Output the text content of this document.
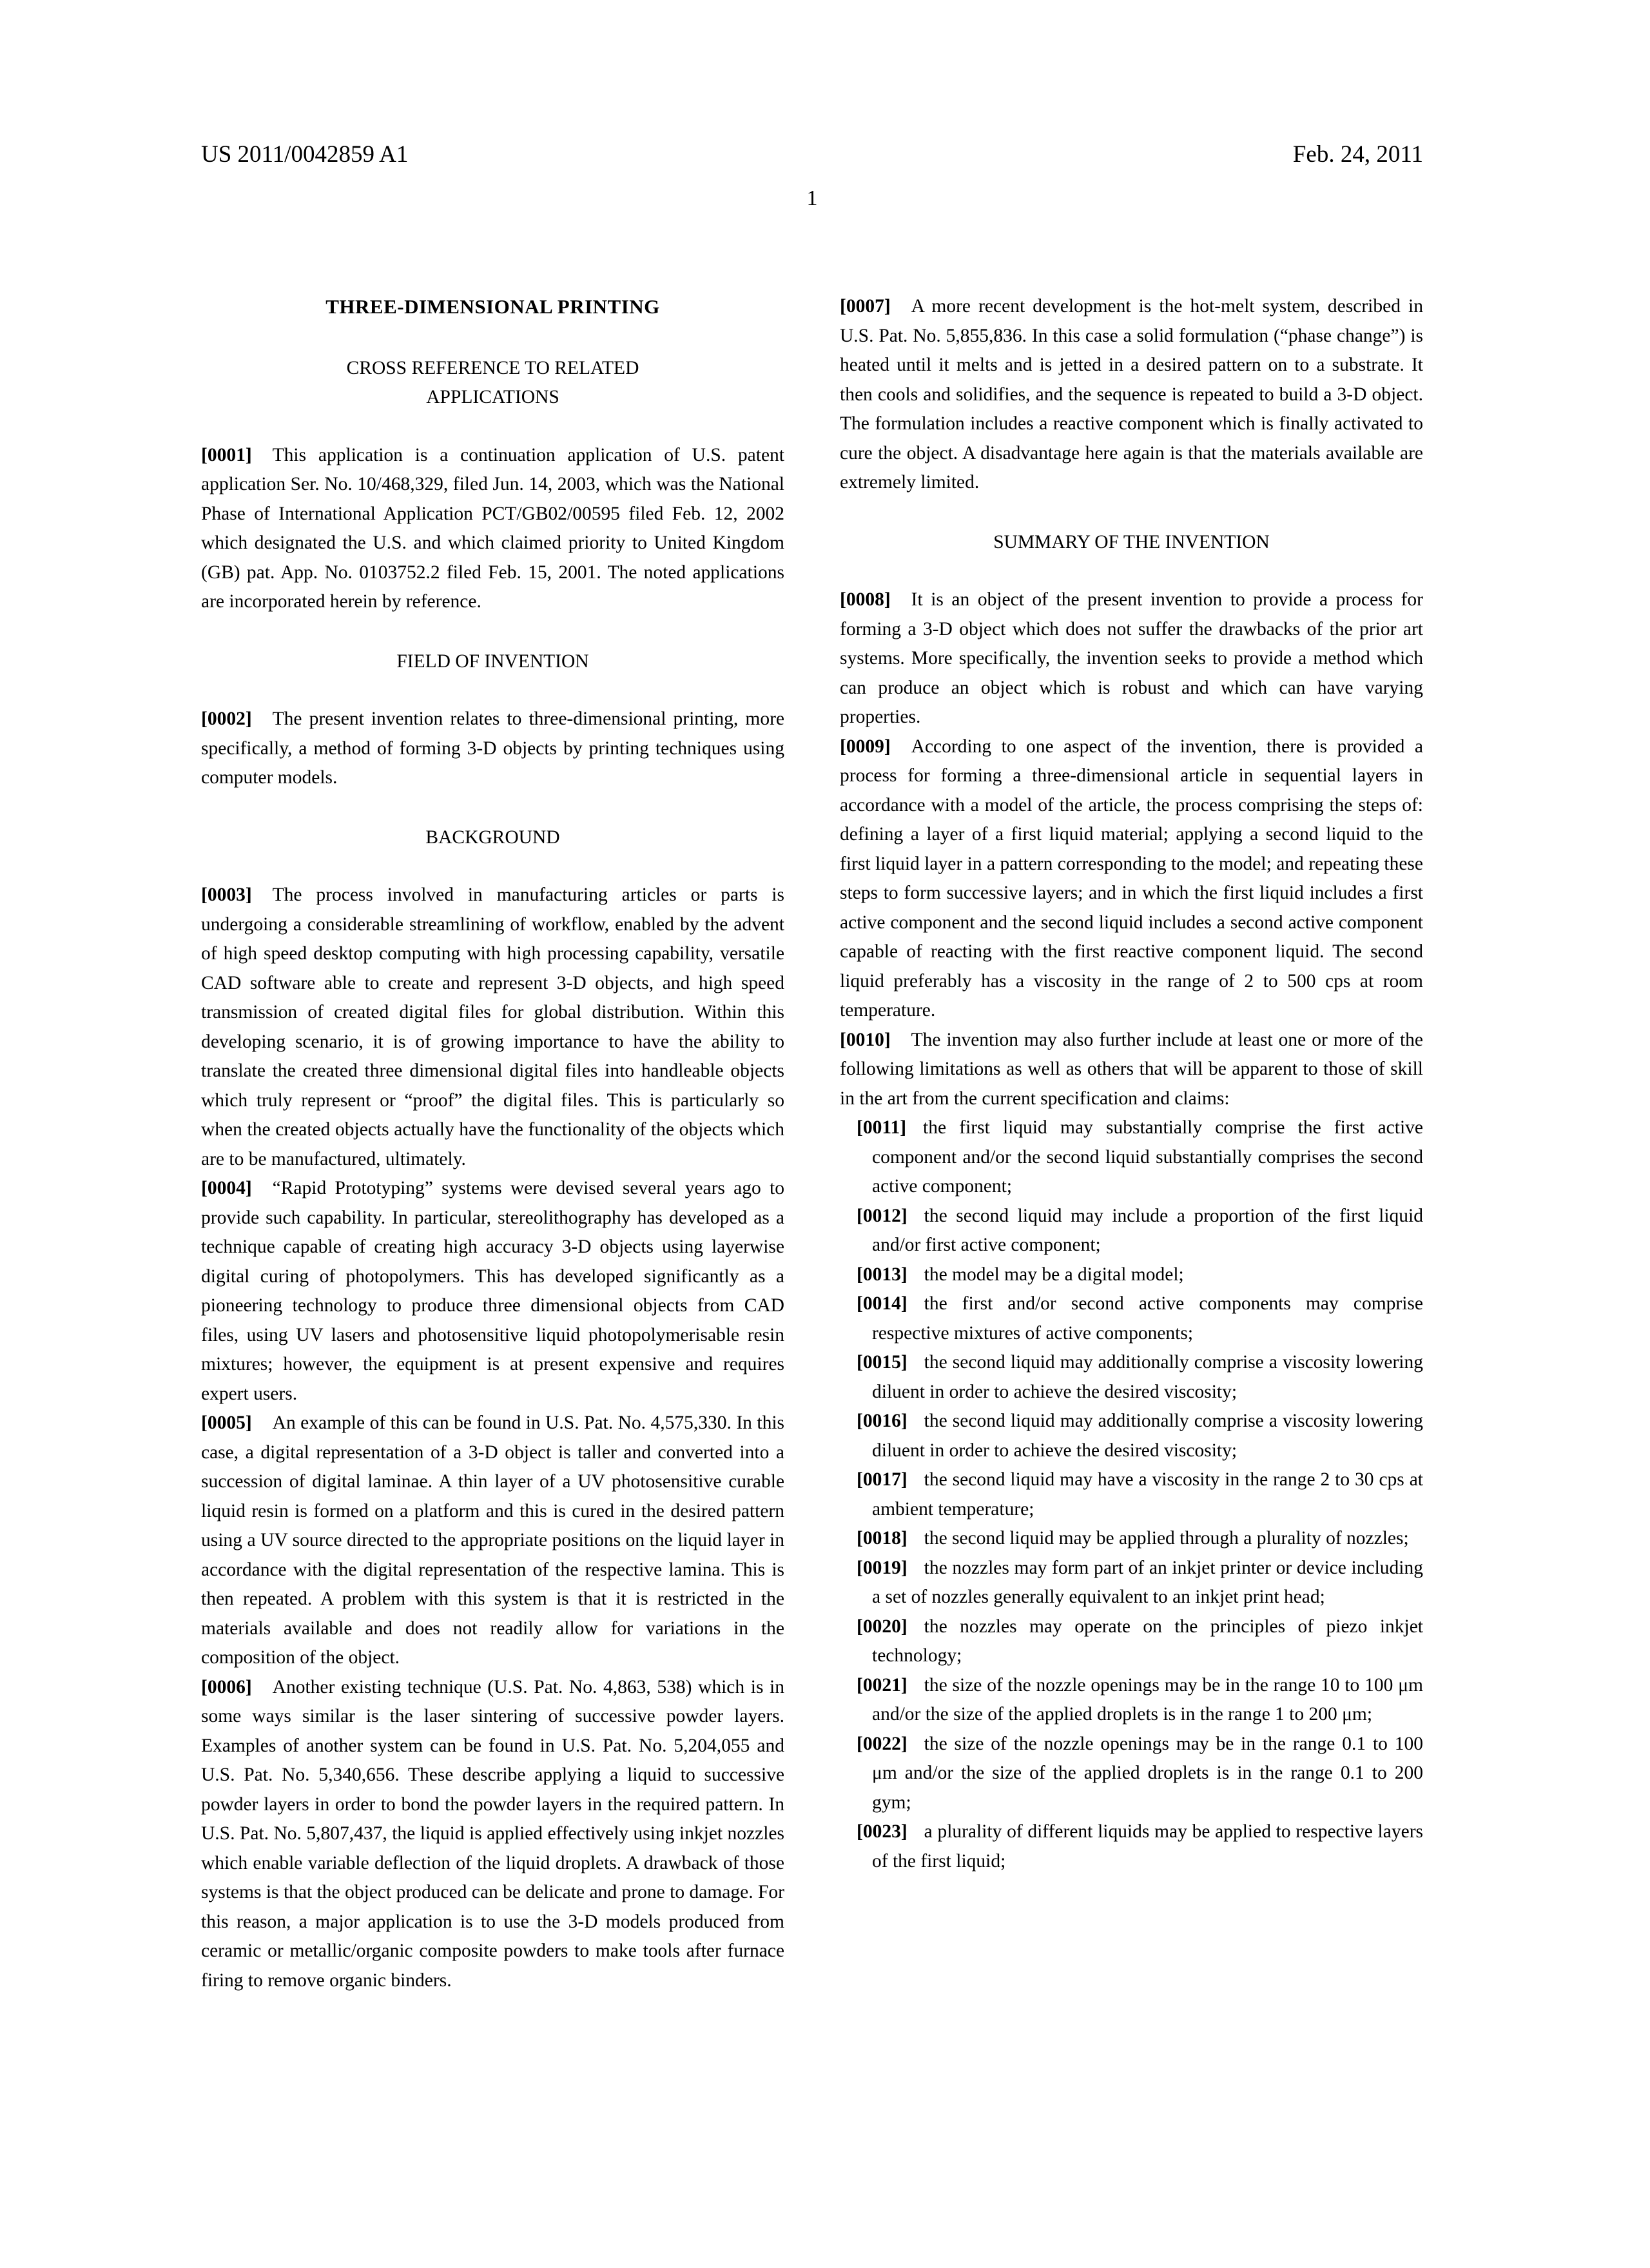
US 2011/0042859 A1	Feb. 24, 2011
1
THREE-DIMENSIONAL PRINTING
CROSS REFERENCE TO RELATED
APPLICATIONS

[0001] This application is a continuation application of U.S. patent application Ser. No. 10/468,329, filed Jun. 14, 2003, which was the National Phase of International Application PCT/GB02/00595 filed Feb. 12, 2002 which designated the U.S. and which claimed priority to United Kingdom (GB) pat. App. No. 0103752.2 filed Feb. 15, 2001. The noted applications are incorporated herein by reference.

FIELD OF INVENTION

[0002] The present invention relates to three-dimensional printing, more specifically, a method of forming 3-D objects by printing techniques using computer models.

BACKGROUND

[0003] The process involved in manufacturing articles or parts is undergoing a considerable streamlining of workflow, enabled by the advent of high speed desktop computing with high processing capability, versatile CAD software able to create and represent 3-D objects, and high speed transmission of created digital files for global distribution. Within this developing scenario, it is of growing importance to have the ability to translate the created three dimensional digital files into handleable objects which truly represent or “proof” the digital files. This is particularly so when the created objects actually have the functionality of the objects which are to be manufactured, ultimately.

[0004] “Rapid Prototyping” systems were devised several years ago to provide such capability. In particular, stereolithography has developed as a technique capable of creating high accuracy 3-D objects using layerwise digital curing of photopolymers. This has developed significantly as a pioneering technology to produce three dimensional objects from CAD files, using UV lasers and photosensitive liquid photopolymerisable resin mixtures; however, the equipment is at present expensive and requires expert users.

[0005] An example of this can be found in U.S. Pat. No. 4,575,330. In this case, a digital representation of a 3-D object is taller and converted into a succession of digital laminae. A thin layer of a UV photosensitive curable liquid resin is formed on a platform and this is cured in the desired pattern using a UV source directed to the appropriate positions on the liquid layer in accordance with the digital representation of the respective lamina. This is then repeated. A problem with this system is that it is restricted in the materials available and does not readily allow for variations in the composition of the object.

[0006] Another existing technique (U.S. Pat. No. 4,863, 538) which is in some ways similar is the laser sintering of successive powder layers. Examples of another system can be found in U.S. Pat. No. 5,204,055 and U.S. Pat. No. 5,340,656. These describe applying a liquid to successive powder layers in order to bond the powder layers in the required pattern. In U.S. Pat. No. 5,807,437, the liquid is applied effectively using inkjet nozzles which enable variable deflection of the liquid droplets. A drawback of those systems is that the object produced can be delicate and prone to damage. For this reason, a major application is to use the 3-D models produced from ceramic or metallic/organic composite powders to make tools after furnace firing to remove organic binders.

[0007] A more recent development is the hot-melt system, described in U.S. Pat. No. 5,855,836. In this case a solid formulation (“phase change”) is heated until it melts and is jetted in a desired pattern on to a substrate. It then cools and solidifies, and the sequence is repeated to build a 3-D object. The formulation includes a reactive component which is finally activated to cure the object. A disadvantage here again is that the materials available are extremely limited.

SUMMARY OF THE INVENTION

[0008] It is an object of the present invention to provide a process for forming a 3-D object which does not suffer the drawbacks of the prior art systems. More specifically, the invention seeks to provide a method which can produce an object which is robust and which can have varying properties.

[0009] According to one aspect of the invention, there is provided a process for forming a three-dimensional article in sequential layers in accordance with a model of the article, the process comprising the steps of: defining a layer of a first liquid material; applying a second liquid to the first liquid layer in a pattern corresponding to the model; and repeating these steps to form successive layers; and in which the first liquid includes a first active component and the second liquid includes a second active component capable of reacting with the first reactive component liquid. The second liquid preferably has a viscosity in the range of 2 to 500 cps at room temperature.

[0010] The invention may also further include at least one or more of the following limitations as well as others that will be apparent to those of skill in the art from the current specification and claims:

[0011] the first liquid may substantially comprise the first active component and/or the second liquid substantially comprises the second active component;

[0012] the second liquid may include a proportion of the first liquid and/or first active component;

[0013] the model may be a digital model;

[0014] the first and/or second active components may comprise respective mixtures of active components;

[0015] the second liquid may additionally comprise a viscosity lowering diluent in order to achieve the desired viscosity;

[0016] the second liquid may additionally comprise a viscosity lowering diluent in order to achieve the desired viscosity;

[0017] the second liquid may have a viscosity in the range 2 to 30 cps at ambient temperature;

[0018] the second liquid may be applied through a plurality of nozzles;

[0019] the nozzles may form part of an inkjet printer or device including a set of nozzles generally equivalent to an inkjet print head;

[0020] the nozzles may operate on the principles of piezo inkjet technology;

[0021] the size of the nozzle openings may be in the range 10 to 100 μm and/or the size of the applied droplets is in the range 1 to 200 μm;

[0022] the size of the nozzle openings may be in the range 0.1 to 100 μm and/or the size of the applied droplets is in the range 0.1 to 200 gym;

[0023] a plurality of different liquids may be applied to respective layers of the first liquid;
